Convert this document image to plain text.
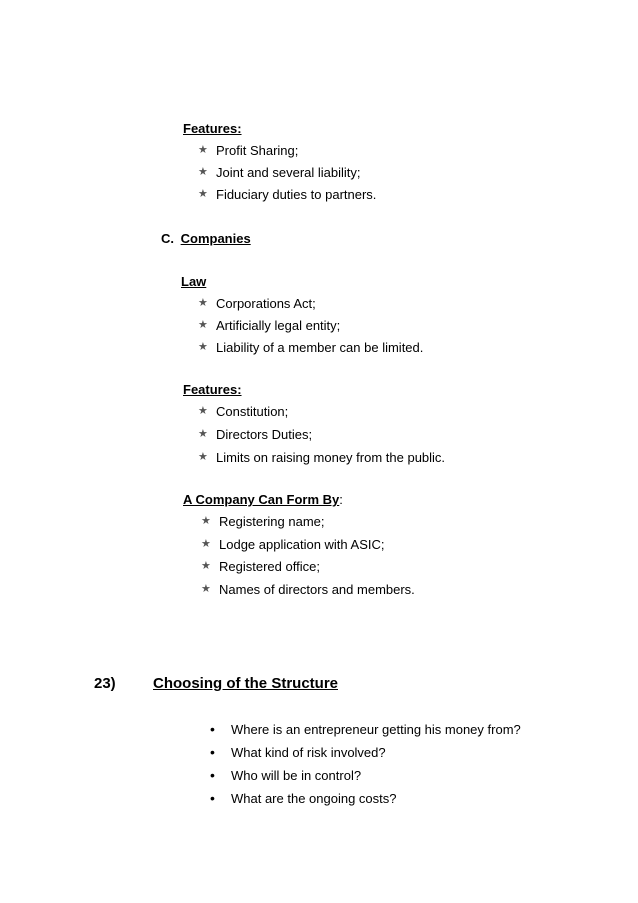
Features:
★ Profit Sharing;
★ Joint and several liability;
★ Fiduciary duties to partners.
C. Companies
Law
★ Corporations Act;
★ Artificially legal entity;
★ Liability of a member can be limited.
Features:
★ Constitution;
★ Directors Duties;
★ Limits on raising money from the public.
A Company Can Form By:
★ Registering name;
★ Lodge application with ASIC;
★ Registered office;
★ Names of directors and members.
23) Choosing of the Structure
• Where is an entrepreneur getting his money from?
• What kind of risk involved?
• Who will be in control?
• What are the ongoing costs?
